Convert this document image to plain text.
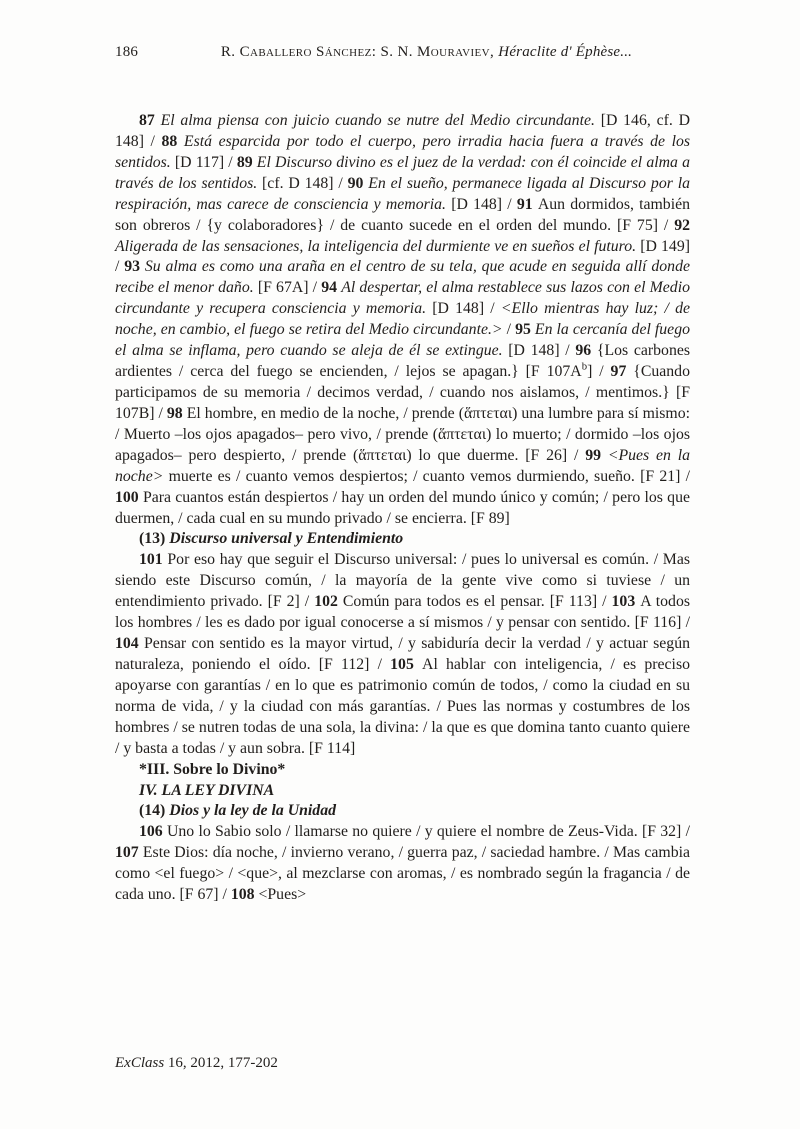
186	R. Caballero Sánchez: S. N. Mouraviev, Héraclite d' Éphèse...

87 El alma piensa con juicio cuando se nutre del Medio circundante. [D 146, cf. D 148] / 88 Está esparcida por todo el cuerpo, pero irradia hacia fuera a través de los sentidos. [D 117] / 89 El Discurso divino es el juez de la verdad: con él coincide el alma a través de los sentidos. [cf. D 148] / 90 En el sueño, permanece ligada al Discurso por la respiración, mas carece de consciencia y memoria. [D 148] / 91 Aun dormidos, también son obreros / {y colaboradores} / de cuanto sucede en el orden del mundo. [F 75] / 92 Aligerada de las sensaciones, la inteligencia del durmiente ve en sueños el futuro. [D 149] / 93 Su alma es como una araña en el centro de su tela, que acude en seguida allí donde recibe el menor daño. [F 67A] / 94 Al despertar, el alma restablece sus lazos con el Medio circundante y recupera consciencia y memoria. [D 148] / <Ello mientras hay luz; / de noche, en cambio, el fuego se retira del Medio circundante.> / 95 En la cercanía del fuego el alma se inflama, pero cuando se aleja de él se extingue. [D 148] / 96 {Los carbones ardientes / cerca del fuego se encienden, / lejos se apagan.} [F $107A^b] / 97$ {Cuando participamos de su memoria / decimos verdad, / cuando nos aislamos, / mentimos.} [F 107B] / 98 El hombre, en medio de la noche, / prende (ἅπτεται) una lumbre para sí mismo: / Muerto –los ojos apagados– pero vivo, / prende (ἅπτεται) lo muerto; / dormido –los ojos apagados– pero despierto, / prende (ἅπτεται) lo que duerme. [F 26] / 99 <Pues en la noche> muerte es / cuanto vemos despiertos; / cuanto vemos durmiendo, sueño. [F 21] / 100 Para cuantos están despiertos / hay un orden del mundo único y común; / pero los que duermen, / cada cual en su mundo privado / se encierra. [F 89]

(13) Discurso universal y Entendimiento

101 Por eso hay que seguir el Discurso universal: / pues lo universal es común. / Mas siendo este Discurso común, / la mayoría de la gente vive como si tuviese / un entendimiento privado. [F 2] / 102 Común para todos es el pensar. [F 113] / 103 A todos los hombres / les es dado por igual conocerse a sí mismos / y pensar con sentido. [F 116] / 104 Pensar con sentido es la mayor virtud, / y sabiduría decir la verdad / y actuar según naturaleza, poniendo el oído. [F 112] / 105 Al hablar con inteligencia, / es preciso apoyarse con garantías / en lo que es patrimonio común de todos, / como la ciudad en su norma de vida, / y la ciudad con más garantías. / Pues las normas y costumbres de los hombres / se nutren todas de una sola, la divina: / la que es que domina tanto cuanto quiere / y basta a todas / y aun sobra. [F 114]

*III. Sobre lo Divino*

IV. LA LEY DIVINA

(14) Dios y la ley de la Unidad

106 Uno lo Sabio solo / llamarse no quiere / y quiere el nombre de Zeus-Vida. [F 32] / 107 Este Dios: día noche, / invierno verano, / guerra paz, / saciedad hambre. / Mas cambia como <el fuego> / <que>, al mezclarse con aromas, / es nombrado según la fragancia / de cada uno. [F 67] / 108 <Pues>

ExClass 16, 2012, 177-202
